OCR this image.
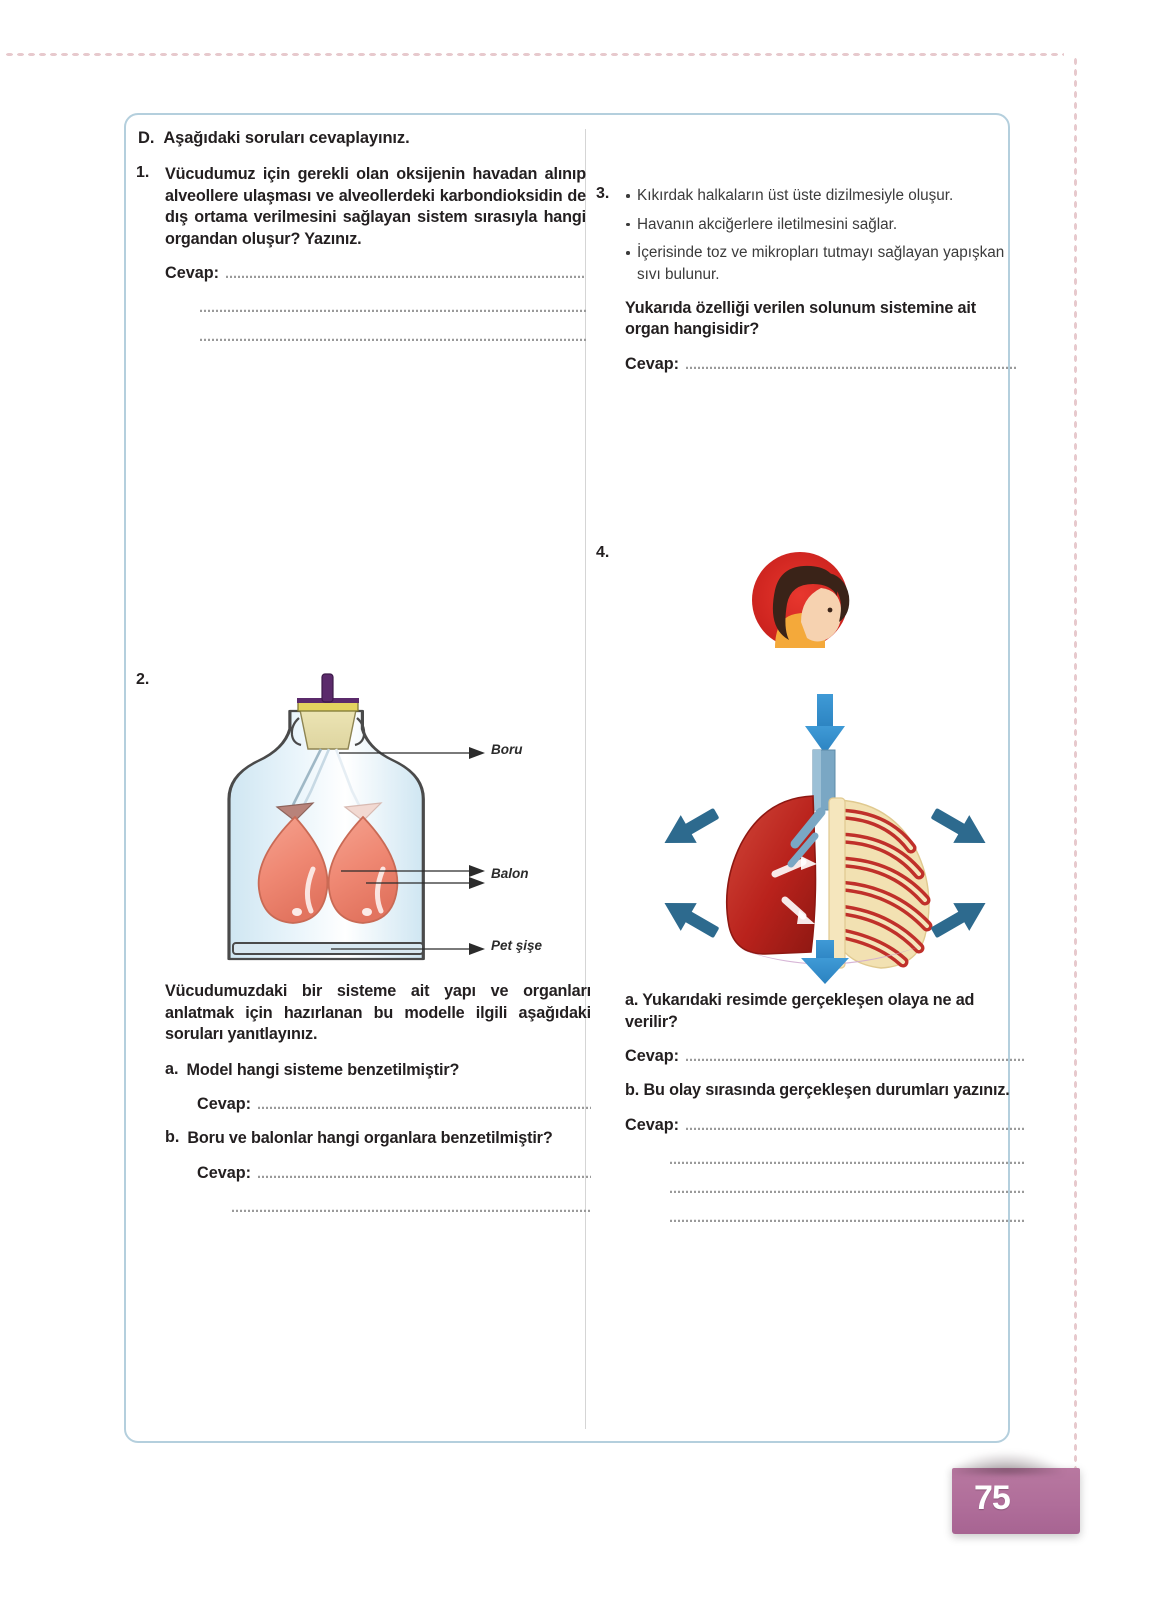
D. Aşağıdaki soruları cevaplayınız.
1. Vücudumuz için gerekli olan oksijenin havadan alınıp alveollere ulaşması ve alveollerdeki karbondioksidin de dış ortama verilmesini sağlayan sistem sırasıyla hangi organdan oluşur? Yazınız.

Cevap:
2.
Boru
Balon
Pet şişe

Vücudumuzdaki bir sisteme ait yapı ve organları anlatmak için hazırlanan bu modelle ilgili aşağıdaki soruları yanıtlayınız.

a. Model hangi sisteme benzetilmiştir?

Cevap:
b. Boru ve balonlar hangi organlara benzetilmiştir?

Cevap:
3.	Kıkırdak halkaların üst üste dizilmesiyle oluşur.
Havanın akciğerlere iletilmesini sağlar.
İçerisinde toz ve mikropları tutmayı sağlayan yapışkan sıvı bulunur.

Yukarıda özelliği verilen solunum sistemine ait organ hangisidir?

Cevap:
4.

a. Yukarıdaki resimde gerçekleşen olaya ne ad verilir?

Cevap:

b. Bu olay sırasında gerçekleşen durumları yazınız.

Cevap:
75
